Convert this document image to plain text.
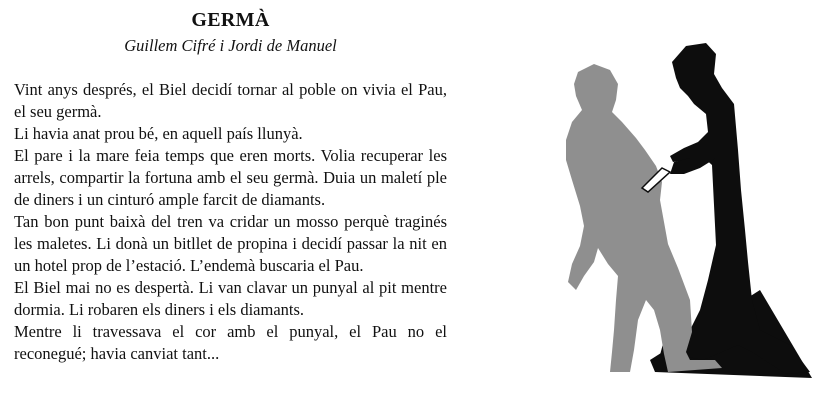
GERMÀ
Guillem Cifré i Jordi de Manuel

Vint anys després, el Biel decidí tornar al poble on vivia el Pau, el seu germà.

Li havia anat prou bé, en aquell país llunyà.

El pare i la mare feia temps que eren morts. Volia recuperar les arrels, compartir la fortuna amb el seu germà. Duia un maletí ple de diners i un cinturó ample farcit de diamants.

Tan bon punt baixà del tren va cridar un mosso perquè traginés les maletes. Li donà un bitllet de propina i decidí passar la nit en un hotel prop de l’estació. L’endemà buscaria el Pau.

El Biel mai no es despertà. Li van clavar un punyal al pit mentre dormia. Li robaren els diners i els diamants.

Mentre li travessava el cor amb el punyal, el Pau no el reconegué; havia canviat tant...
